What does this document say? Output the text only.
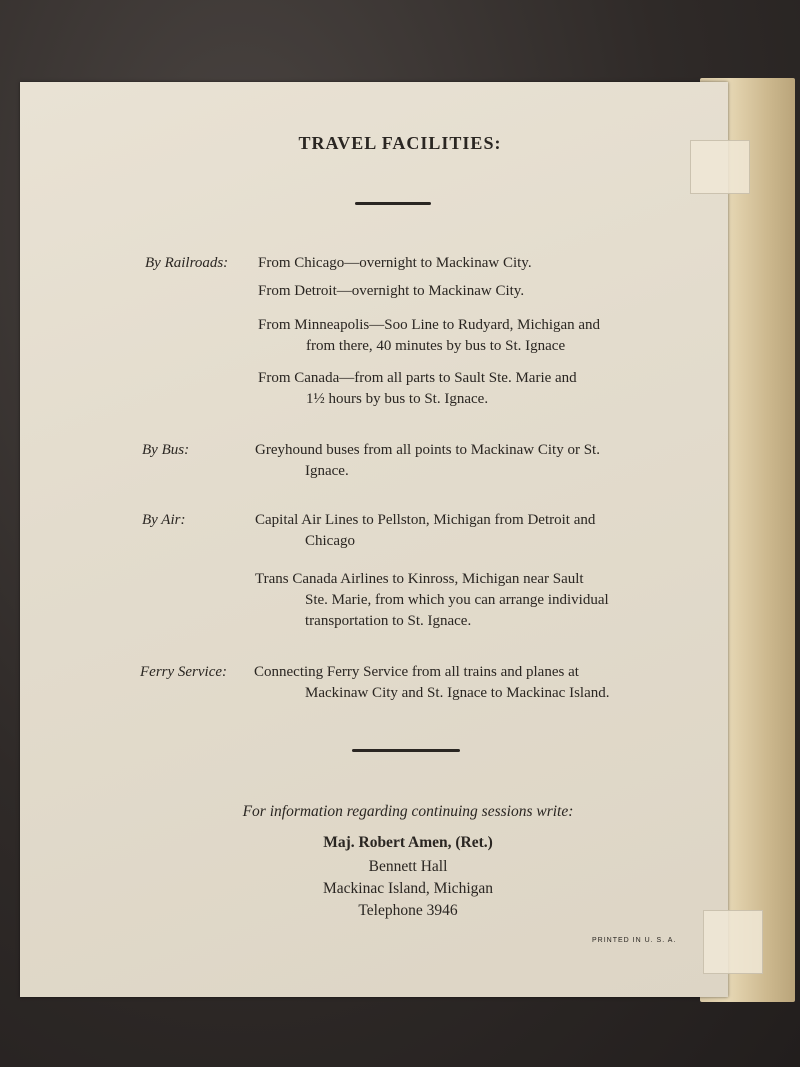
TRAVEL FACILITIES:
By Railroads: From Chicago—overnight to Mackinaw City.
From Detroit—overnight to Mackinaw City.
From Minneapolis—Soo Line to Rudyard, Michigan and
from there, 40 minutes by bus to St. Ignace
From Canada—from all parts to Sault Ste. Marie and
1½ hours by bus to St. Ignace.
By Bus:	Greyhound buses from all points to Mackinaw City or St.
Ignace.
By Air:	Capital Air Lines to Pellston, Michigan from Detroit and
Chicago
Trans Canada Airlines to Kinross, Michigan near Sault
Ste. Marie, from which you can arrange individual
transportation to St. Ignace.
Ferry Service: Connecting Ferry Service from all trains and planes at
Mackinaw City and St. Ignace to Mackinac Island.
For information regarding continuing sessions write:
Maj. Robert Amen, (Ret.)
Bennett Hall
Mackinac Island, Michigan
Telephone 3946
PRINTED IN U. S. A.
